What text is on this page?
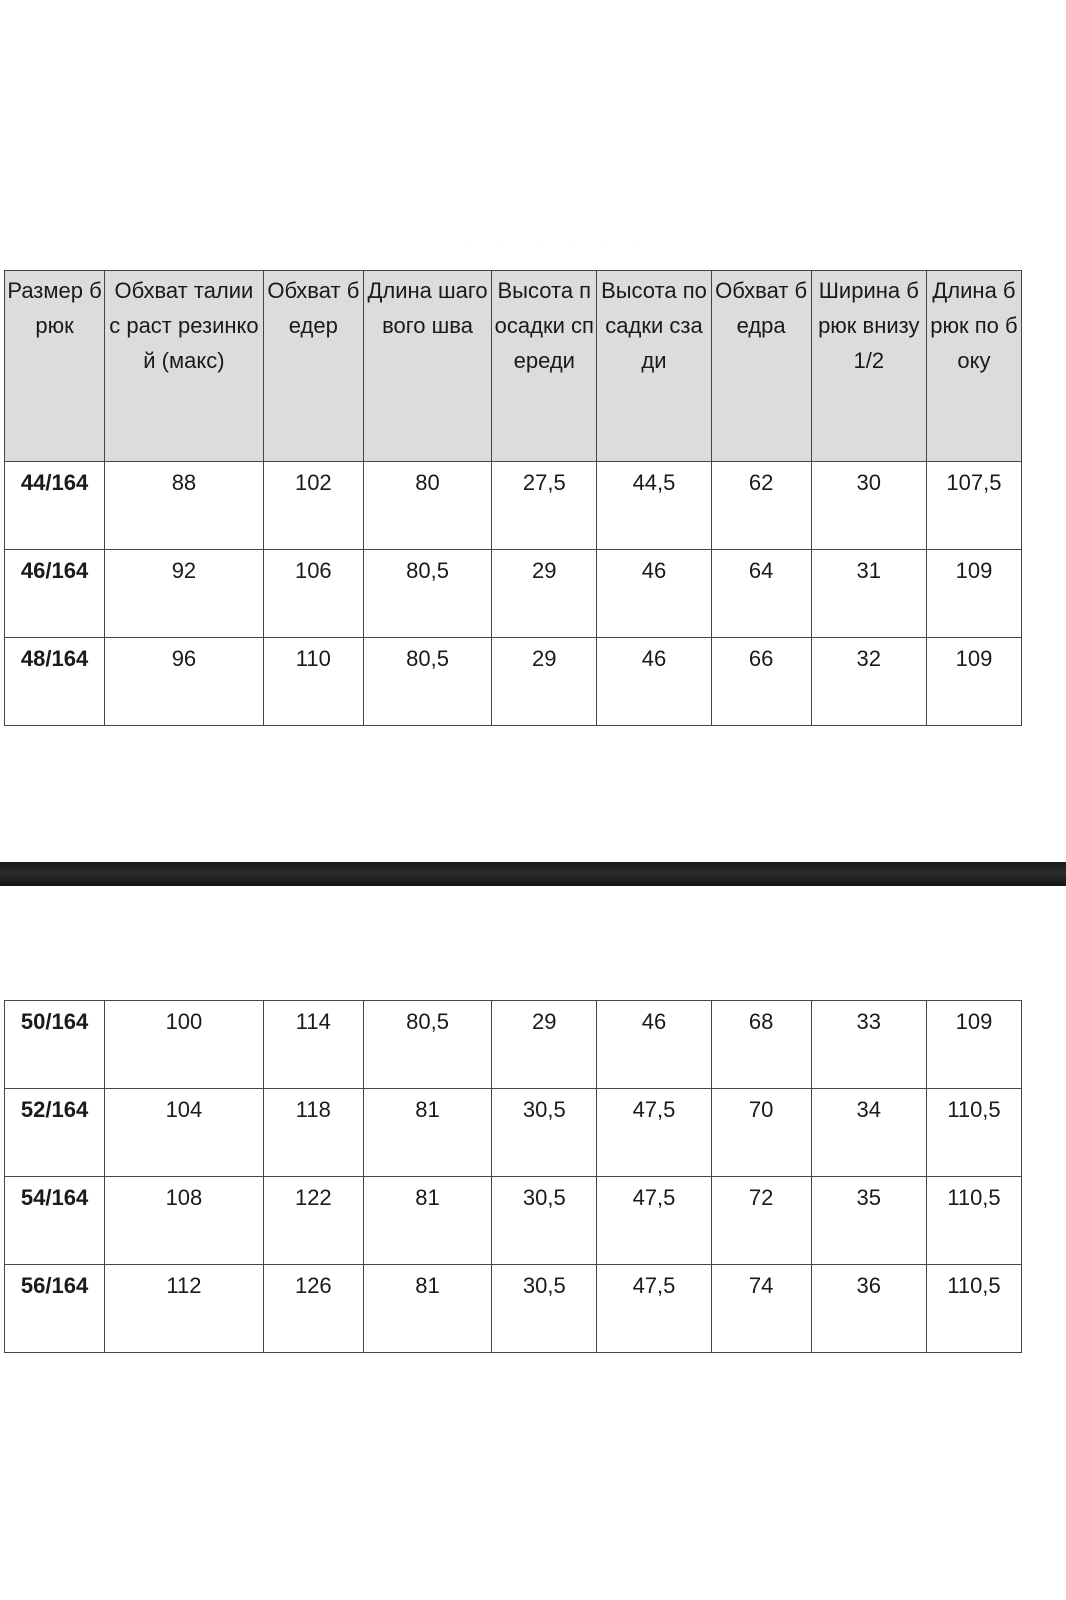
· · · · · ·
Размер брюк	Обхват талии с раст резинкой (макс)	Обхват бедер	Длина шагового шва	Высота посадки спереди	Высота посадки сзади	Обхват бедра	Ширина брюк внизу 1/2	Длина брюк по боку
44/164	88	102	80	27,5	44,5	62	30	107,5
46/164	92	106	80,5	29	46	64	31	109
48/164	96	110	80,5	29	46	66	32	109
50/164	100	114	80,5	29	46	68	33	109
52/164	104	118	81	30,5	47,5	70	34	110,5
54/164	108	122	81	30,5	47,5	72	35	110,5
56/164	112	126	81	30,5	47,5	74	36	110,5
